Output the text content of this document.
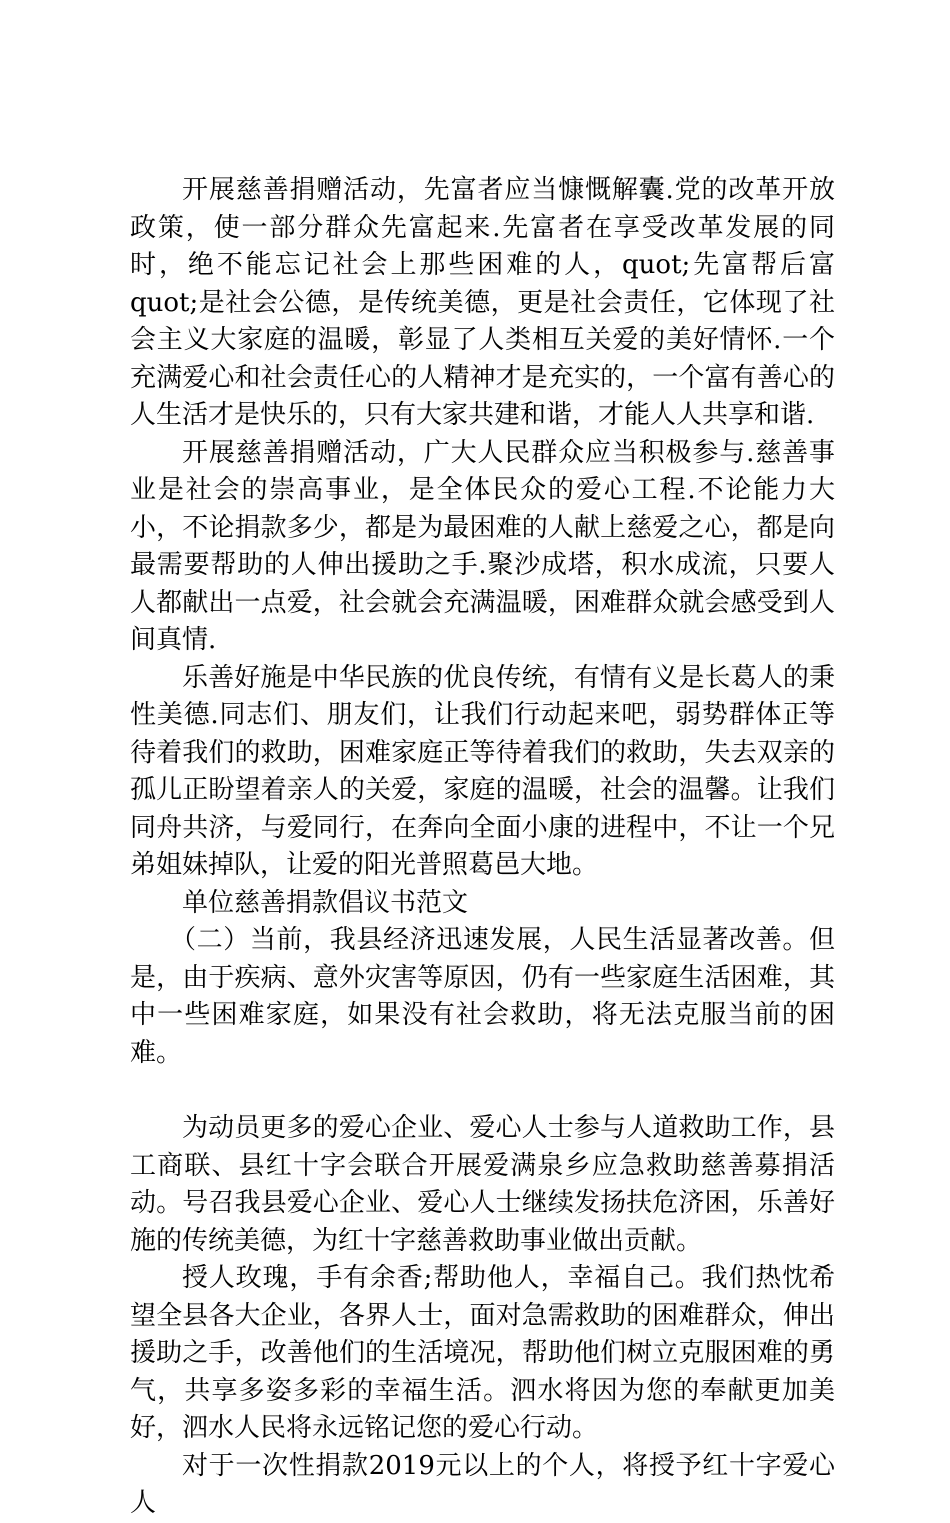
开展慈善捐赠活动，先富者应当慷慨解囊.党的改革开放政策，使一部分群众先富起来.先富者在享受改革发展的同时，绝不能忘记社会上那些困难的人，quot;先富帮后富quot;是社会公德，是传统美德，更是社会责任，它体现了社会主义大家庭的温暖，彰显了人类相互关爱的美好情怀.一个充满爱心和社会责任心的人精神才是充实的，一个富有善心的人生活才是快乐的，只有大家共建和谐，才能人人共享和谐.

开展慈善捐赠活动，广大人民群众应当积极参与.慈善事业是社会的崇高事业，是全体民众的爱心工程.不论能力大小，不论捐款多少，都是为最困难的人献上慈爱之心，都是向最需要帮助的人伸出援助之手.聚沙成塔，积水成流，只要人人都献出一点爱，社会就会充满温暖，困难群众就会感受到人间真情.

乐善好施是中华民族的优良传统，有情有义是长葛人的秉性美德.同志们、朋友们，让我们行动起来吧，弱势群体正等待着我们的救助，困难家庭正等待着我们的救助，失去双亲的孤儿正盼望着亲人的关爱，家庭的温暖，社会的温馨。让我们同舟共济，与爱同行，在奔向全面小康的进程中，不让一个兄弟姐妹掉队，让爱的阳光普照葛邑大地。

单位慈善捐款倡议书范文

（二）当前，我县经济迅速发展，人民生活显著改善。但是，由于疾病、意外灾害等原因，仍有一些家庭生活困难，其中一些困难家庭，如果没有社会救助，将无法克服当前的困难。

为动员更多的爱心企业、爱心人士参与人道救助工作，县工商联、县红十字会联合开展爱满泉乡应急救助慈善募捐活动。号召我县爱心企业、爱心人士继续发扬扶危济困，乐善好施的传统美德，为红十字慈善救助事业做出贡献。

授人玫瑰，手有余香;帮助他人，幸福自己。我们热忱希望全县各大企业，各界人士，面对急需救助的困难群众，伸出援助之手，改善他们的生活境况，帮助他们树立克服困难的勇气，共享多姿多彩的幸福生活。泗水将因为您的奉献更加美好，泗水人民将永远铭记您的爱心行动。

对于一次性捐款2019元以上的个人，将授予红十字爱心人
